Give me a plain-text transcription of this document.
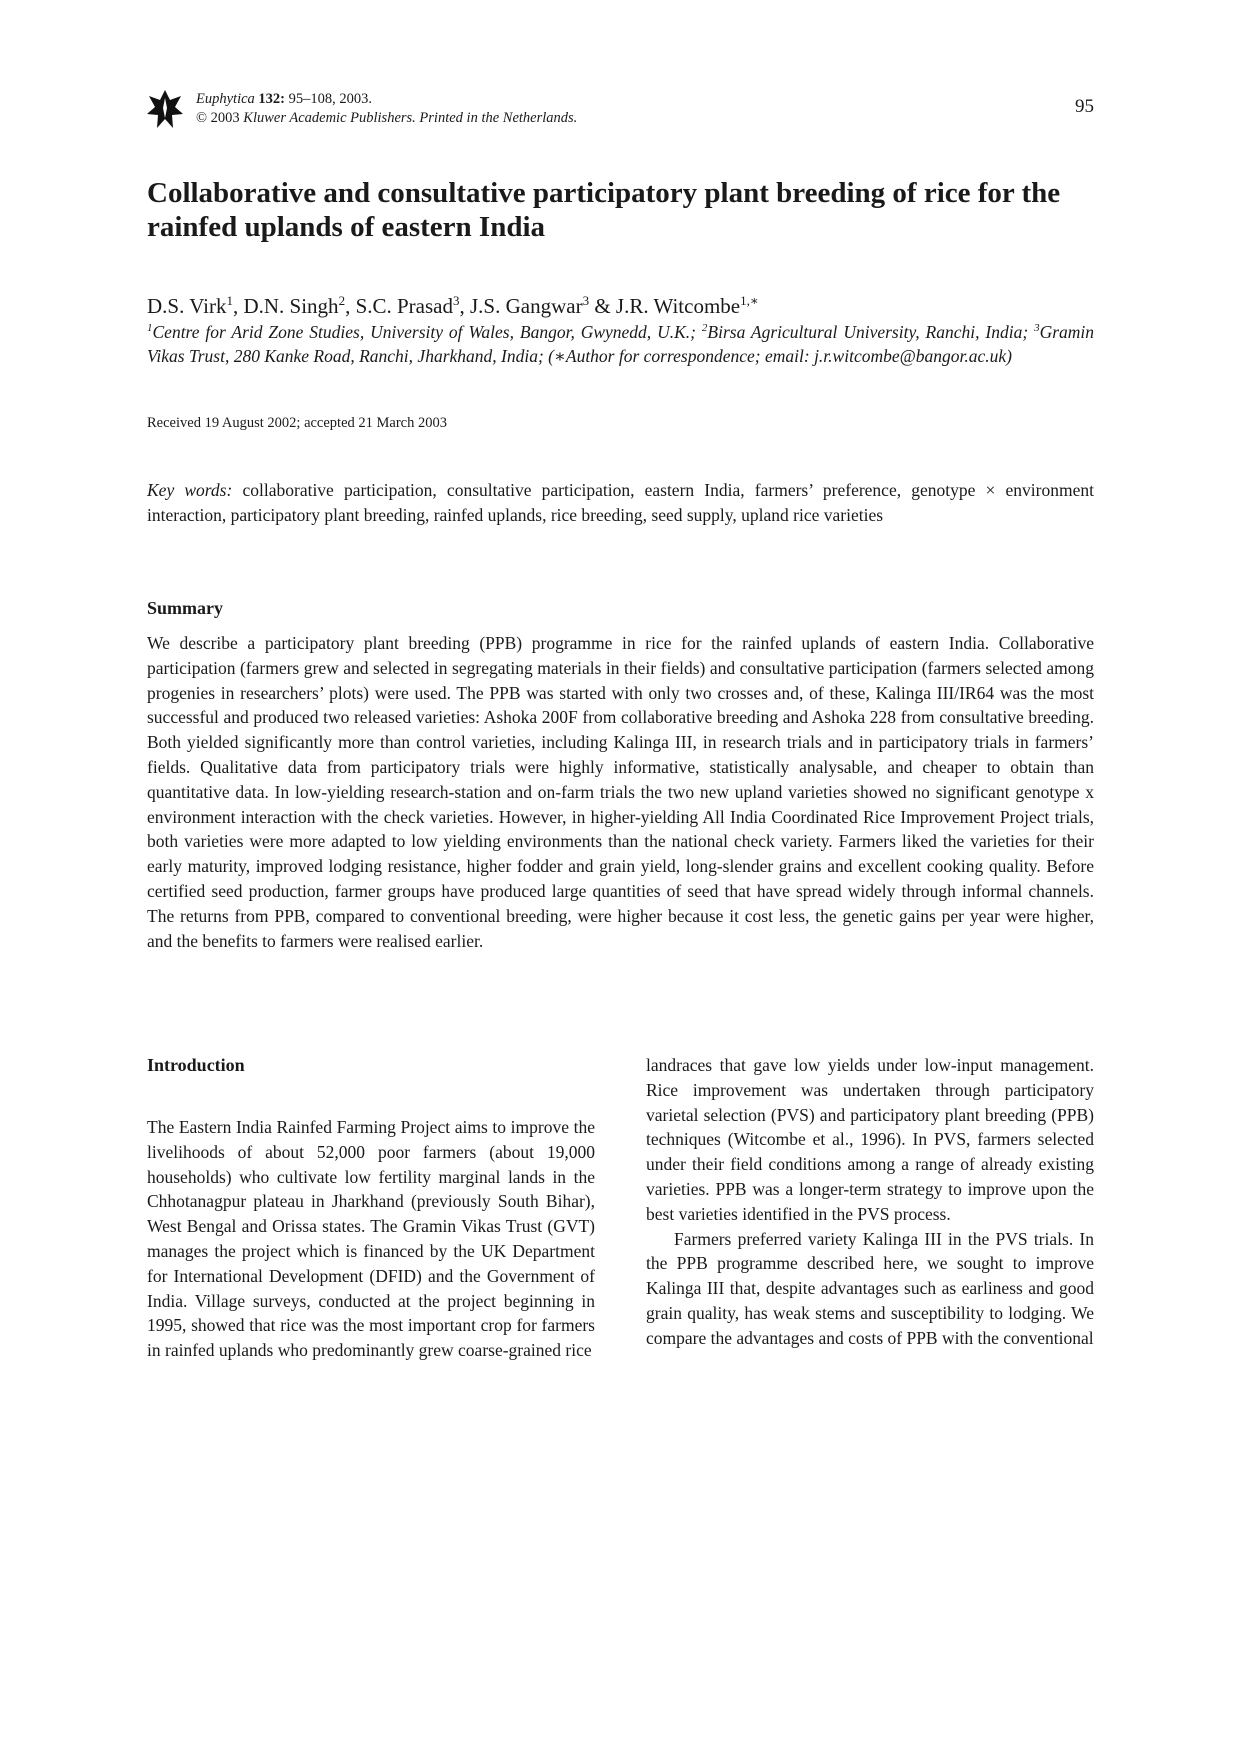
Euphytica 132: 95–108, 2003.
© 2003 Kluwer Academic Publishers. Printed in the Netherlands.
95
Collaborative and consultative participatory plant breeding of rice for the rainfed uplands of eastern India
D.S. Virk$^1$, D.N. Singh$^2$, S.C. Prasad$^3$, J.S. Gangwar$^3$ & J.R. Witcombe$^{1,∗}$
$^1$Centre for Arid Zone Studies, University of Wales, Bangor, Gwynedd, U.K.; $^2$Birsa Agricultural University, Ranchi, India; $^3$Gramin Vikas Trust, 280 Kanke Road, Ranchi, Jharkhand, India; (∗Author for correspondence; email: j.r.witcombe@bangor.ac.uk)
Received 19 August 2002; accepted 21 March 2003
Key words: collaborative participation, consultative participation, eastern India, farmers’ preference, genotype × environment interaction, participatory plant breeding, rainfed uplands, rice breeding, seed supply, upland rice varieties
Summary

We describe a participatory plant breeding (PPB) programme in rice for the rainfed uplands of eastern India. Collaborative participation (farmers grew and selected in segregating materials in their fields) and consultative participation (farmers selected among progenies in researchers’ plots) were used. The PPB was started with only two crosses and, of these, Kalinga III/IR64 was the most successful and produced two released varieties: Ashoka 200F from collaborative breeding and Ashoka 228 from consultative breeding. Both yielded significantly more than control varieties, including Kalinga III, in research trials and in participatory trials in farmers’ fields. Qualitative data from participatory trials were highly informative, statistically analysable, and cheaper to obtain than quantitative data. In low-yielding research-station and on-farm trials the two new upland varieties showed no significant genotype x environment interaction with the check varieties. However, in higher-yielding All India Coordinated Rice Improvement Project trials, both varieties were more adapted to low yielding environments than the national check variety. Farmers liked the varieties for their early maturity, improved lodging resistance, higher fodder and grain yield, long-slender grains and excellent cooking quality. Before certified seed production, farmer groups have produced large quantities of seed that have spread widely through informal channels. The returns from PPB, compared to conventional breeding, were higher because it cost less, the genetic gains per year were higher, and the benefits to farmers were realised earlier.

Introduction

The Eastern India Rainfed Farming Project aims to improve the livelihoods of about 52,000 poor farmers (about 19,000 households) who cultivate low fertility marginal lands in the Chhotanagpur plateau in Jharkhand (previously South Bihar), West Bengal and Orissa states. The Gramin Vikas Trust (GVT) manages the project which is financed by the UK Department for International Development (DFID) and the Government of India. Village surveys, conducted at the project beginning in 1995, showed that rice was the most important crop for farmers in rainfed uplands who predominantly grew coarse-grained rice

landraces that gave low yields under low-input management. Rice improvement was undertaken through participatory varietal selection (PVS) and participatory plant breeding (PPB) techniques (Witcombe et al., 1996). In PVS, farmers selected under their field conditions among a range of already existing varieties. PPB was a longer-term strategy to improve upon the best varieties identified in the PVS process.

Farmers preferred variety Kalinga III in the PVS trials. In the PPB programme described here, we sought to improve Kalinga III that, despite advantages such as earliness and good grain quality, has weak stems and susceptibility to lodging. We compare the advantages and costs of PPB with the conventional
